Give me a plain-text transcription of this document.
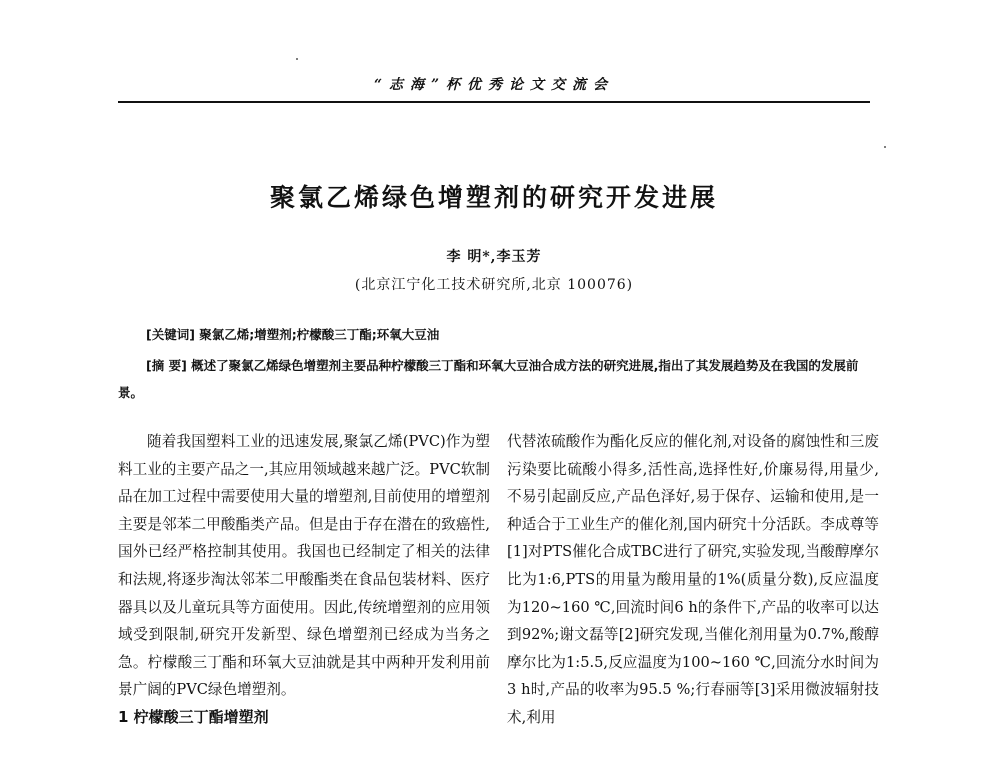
“志海”杯优秀论文交流会
聚氯乙烯绿色增塑剂的研究开发进展
李 明*,李玉芳
(北京江宁化工技术研究所,北京 100076)
[关键词] 聚氯乙烯;增塑剂;柠檬酸三丁酯;环氧大豆油
[摘 要] 概述了聚氯乙烯绿色增塑剂主要品种柠檬酸三丁酯和环氧大豆油合成方法的研究进展,指出了其发展趋势及在我国的发展前景。

随着我国塑料工业的迅速发展,聚氯乙烯(PVC)作为塑料工业的主要产品之一,其应用领域越来越广泛。PVC软制品在加工过程中需要使用大量的增塑剂,目前使用的增塑剂主要是邻苯二甲酸酯类产品。但是由于存在潜在的致癌性,国外已经严格控制其使用。我国也已经制定了相关的法律和法规,将逐步淘汰邻苯二甲酸酯类在食品包装材料、医疗器具以及儿童玩具等方面使用。因此,传统增塑剂的应用领域受到限制,研究开发新型、绿色增塑剂已经成为当务之急。柠檬酸三丁酯和环氧大豆油就是其中两种开发利用前景广阔的PVC绿色增塑剂。

1 柠檬酸三丁酯增塑剂

代替浓硫酸作为酯化反应的催化剂,对设备的腐蚀性和三废污染要比硫酸小得多,活性高,选择性好,价廉易得,用量少,不易引起副反应,产品色泽好,易于保存、运输和使用,是一种适合于工业生产的催化剂,国内研究十分活跃。李成尊等[1]对PTS催化合成TBC进行了研究,实验发现,当酸醇摩尔比为1:6,PTS的用量为酸用量的1%(质量分数),反应温度为120~160 ℃,回流时间6 h的条件下,产品的收率可以达到92%;谢文磊等[2]研究发现,当催化剂用量为0.7%,酸醇摩尔比为1:5.5,反应温度为100~160 ℃,回流分水时间为3 h时,产品的收率为95.5 %;行春丽等[3]采用微波辐射技术,利用
